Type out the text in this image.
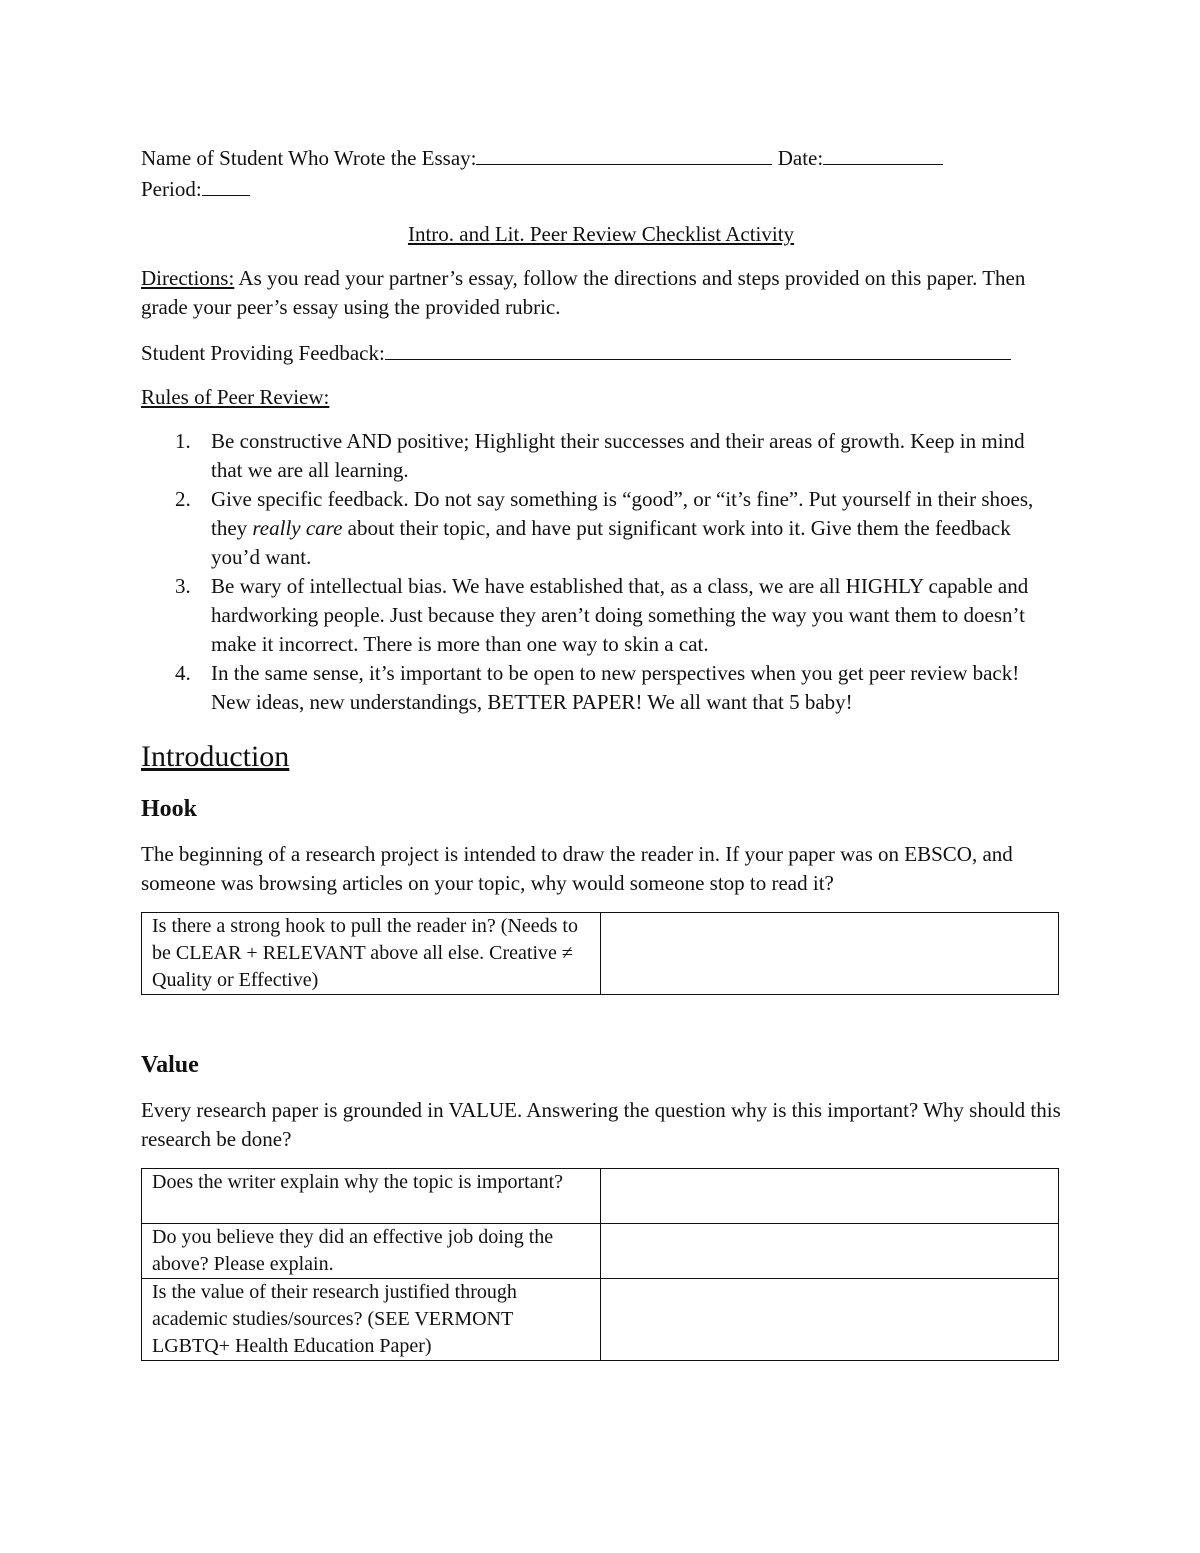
Name of Student Who Wrote the Essay:	Date:

Period:

Intro. and Lit. Peer Review Checklist Activity

Directions: As you read your partner’s essay, follow the directions and steps provided on this paper. Then grade your peer’s essay using the provided rubric.

Student Providing Feedback:

Rules of Peer Review:

1. Be constructive AND positive; Highlight their successes and their areas of growth. Keep in mind that we are all learning.
2. Give specific feedback. Do not say something is “good”, or “it’s fine”. Put yourself in their shoes, they really care about their topic, and have put significant work into it. Give them the feedback you’d want.
3. Be wary of intellectual bias. We have established that, as a class, we are all HIGHLY capable and hardworking people. Just because they aren’t doing something the way you want them to doesn’t make it incorrect. There is more than one way to skin a cat.
4. In the same sense, it’s important to be open to new perspectives when you get peer review back! New ideas, new understandings, BETTER PAPER! We all want that 5 baby!
Introduction
Hook

The beginning of a research project is intended to draw the reader in. If your paper was on EBSCO, and someone was browsing articles on your topic, why would someone stop to read it?

Is there a strong hook to pull the reader in? (Needs to be CLEAR + RELEVANT above all else. Creative ≠ Quality or Effective)	
Value

Every research paper is grounded in VALUE. Answering the question why is this important? Why should this research be done?

Does the writer explain why the topic is important?	
Do you believe they did an effective job doing the above? Please explain.	
Is the value of their research justified through academic studies/sources? (SEE VERMONT LGBTQ+ Health Education Paper)	
